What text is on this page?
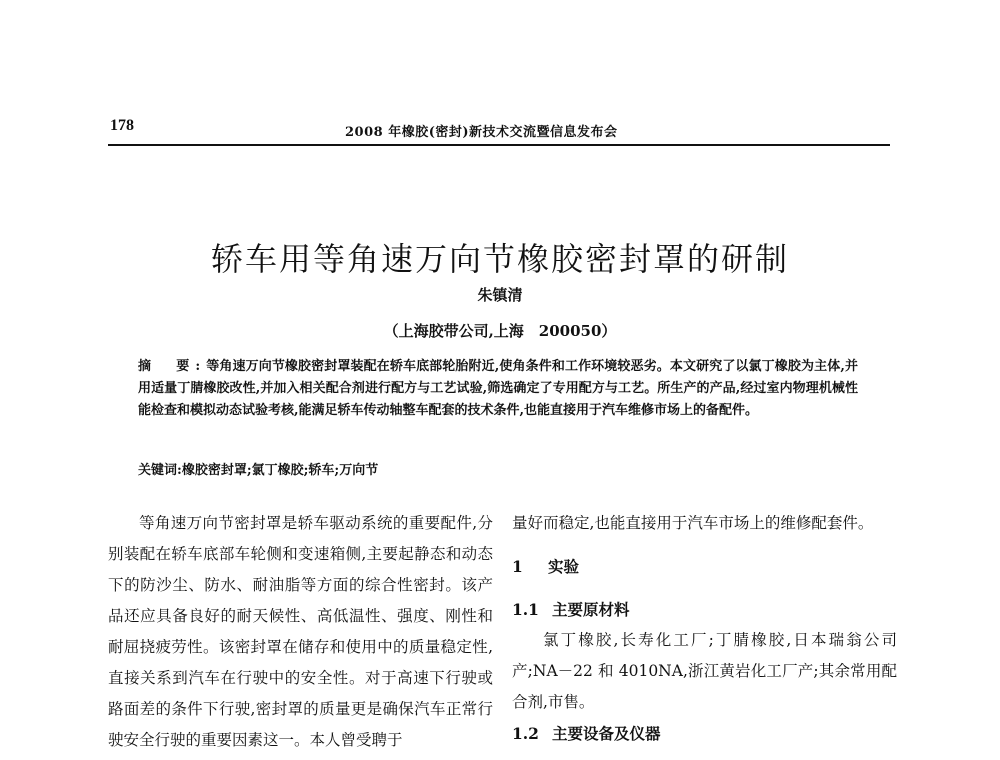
178	2008 年橡胶(密封)新技术交流暨信息发布会
轿车用等角速万向节橡胶密封罩的研制
朱镇清
（上海胶带公司,上海　200050）
摘　要:等角速万向节橡胶密封罩装配在轿车底部轮胎附近,使角条件和工作环境较恶劣。本文研究了以氯丁橡胶为主体,并用适量丁腈橡胶改性,并加入相关配合剂进行配方与工艺试验,筛选确定了专用配方与工艺。所生产的产品,经过室内物理机械性能检查和模拟动态试验考核,能满足轿车传动轴整车配套的技术条件,也能直接用于汽车维修市场上的备配件。
关键词:橡胶密封罩;氯丁橡胶;轿车;万向节

等角速万向节密封罩是轿车驱动系统的重要配件,分别装配在轿车底部车轮侧和变速箱侧,主要起静态和动态下的防沙尘、防水、耐油脂等方面的综合性密封。该产品还应具备良好的耐天候性、高低温性、强度、刚性和耐屈挠疲劳性。该密封罩在储存和使用中的质量稳定性,直接关系到汽车在行驶中的安全性。对于高速下行驶或路面差的条件下行驶,密封罩的质量更是确保汽车正常行驶安全行驶的重要因素这一。本人曾受聘于

量好而稳定,也能直接用于汽车市场上的维修配套件。

1 实验

1.1 主要原材料

氯丁橡胶,长寿化工厂;丁腈橡胶,日本瑞翁公司产;NA－22 和 4010NA,浙江黄岩化工厂产;其余常用配合剂,市售。

1.2 主要设备及仪器
